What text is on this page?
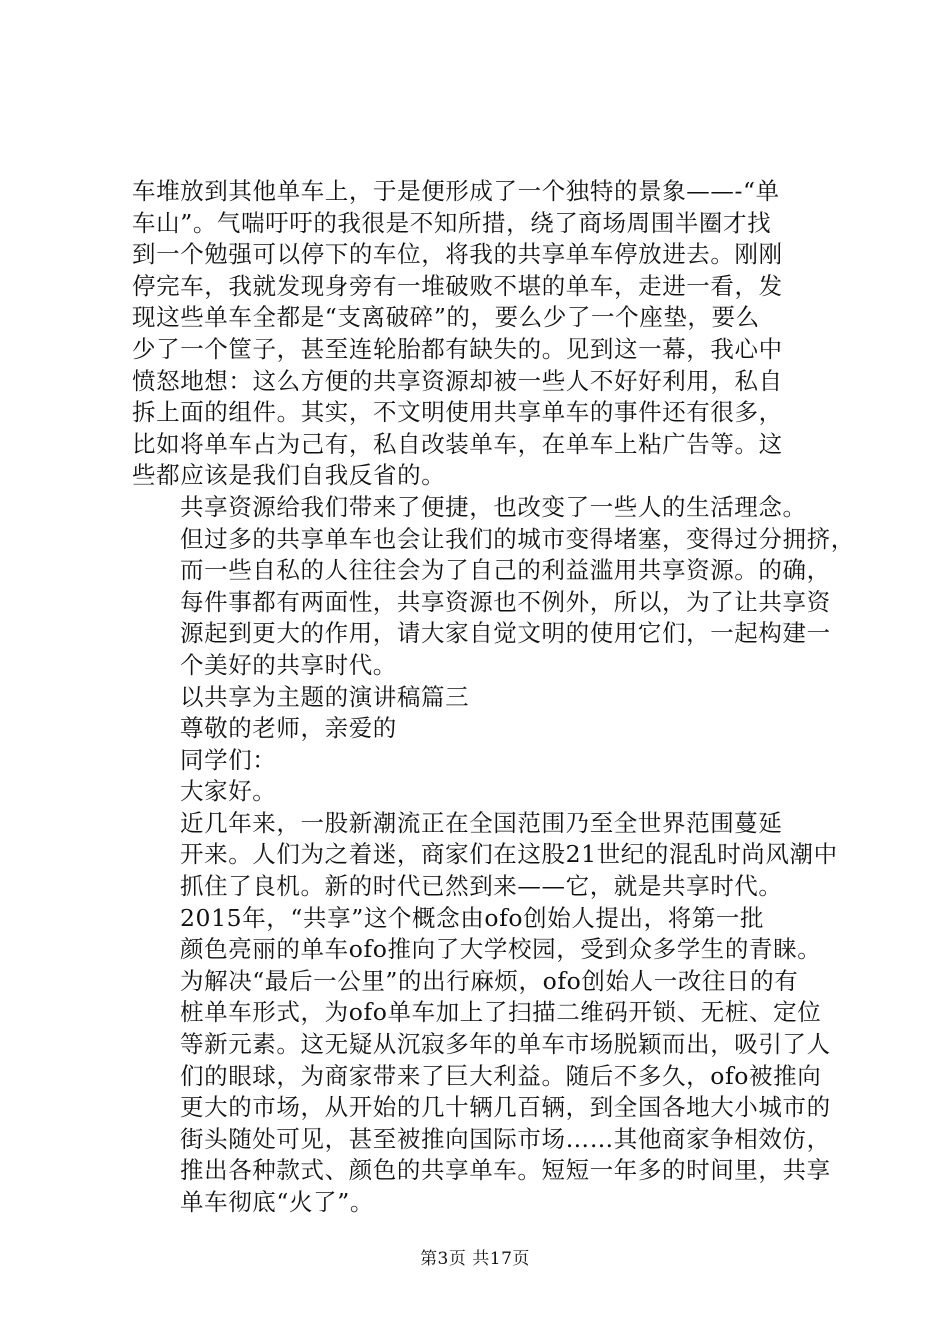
车堆放到其他单车上，于是便形成了一个独特的景象——-“单
车山”。气喘吁吁的我很是不知所措，绕了商场周围半圈才找
到一个勉强可以停下的车位，将我的共享单车停放进去。刚刚
停完车，我就发现身旁有一堆破败不堪的单车，走进一看，发
现这些单车全都是“支离破碎”的，要么少了一个座垫，要么
少了一个筐子，甚至连轮胎都有缺失的。见到这一幕，我心中
愤怒地想：这么方便的共享资源却被一些人不好好利用，私自
拆上面的组件。其实，不文明使用共享单车的事件还有很多，
比如将单车占为己有，私自改装单车，在单车上粘广告等。这
些都应该是我们自我反省的。

共享资源给我们带来了便捷，也改变了一些人的生活理念。
但过多的共享单车也会让我们的城市变得堵塞，变得过分拥挤，
而一些自私的人往往会为了自己的利益滥用共享资源。的确，
每件事都有两面性，共享资源也不例外，所以，为了让共享资
源起到更大的作用，请大家自觉文明的使用它们，一起构建一
个美好的共享时代。

以共享为主题的演讲稿篇三

尊敬的老师，亲爱的

同学们：

大家好。

近几年来，一股新潮流正在全国范围乃至全世界范围蔓延
开来。人们为之着迷，商家们在这股21世纪的混乱时尚风潮中
抓住了良机。新的时代已然到来——它，就是共享时代。

2015年，“共享”这个概念由ofo创始人提出，将第一批
颜色亮丽的单车ofo推向了大学校园，受到众多学生的青睐。
为解决“最后一公里”的出行麻烦，ofo创始人一改往日的有
桩单车形式，为ofo单车加上了扫描二维码开锁、无桩、定位
等新元素。这无疑从沉寂多年的单车市场脱颖而出，吸引了人
们的眼球，为商家带来了巨大利益。随后不多久，ofo被推向
更大的市场，从开始的几十辆几百辆，到全国各地大小城市的
街头随处可见，甚至被推向国际市场……其他商家争相效仿，
推出各种款式、颜色的共享单车。短短一年多的时间里，共享
单车彻底“火了”。

第3页 共17页
